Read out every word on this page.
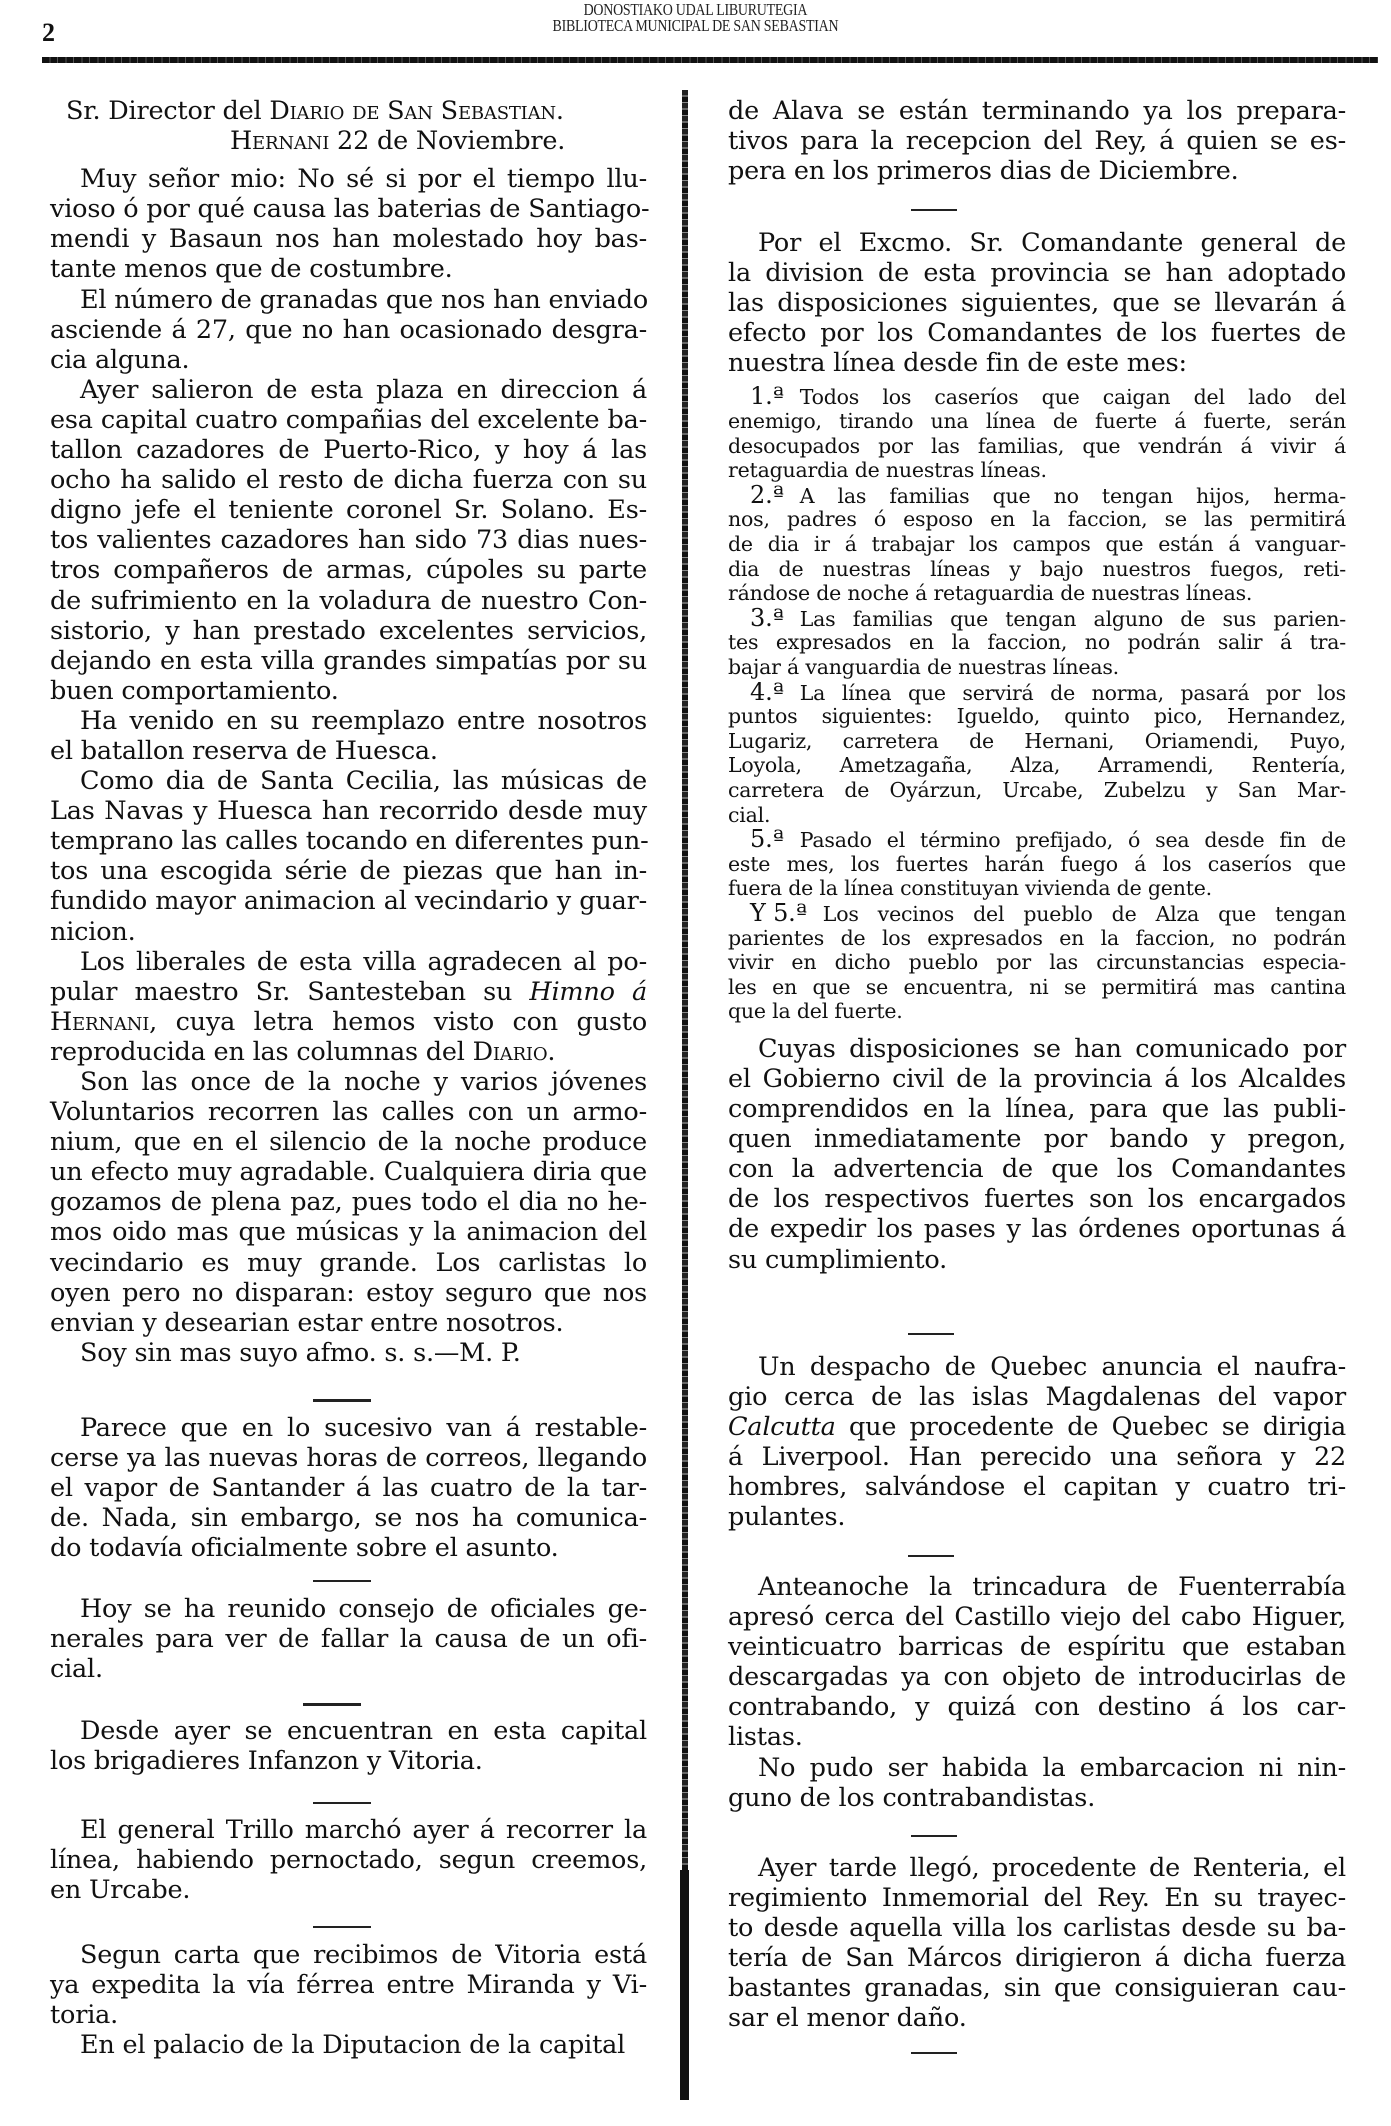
2
DONOSTIAKO UDAL LIBURUTEGIA
BIBLIOTECA MUNICIPAL DE SAN SEBASTIAN
Sr. Director del Diario de San Sebastian.
Hernani 22 de Noviembre.
Muy señor mio: No sé si por el tiempo llu-
vioso ó por qué causa las baterias de Santiago-
mendi y Basaun nos han molestado hoy bas-
tante menos que de costumbre.
El número de granadas que nos han enviado
asciende á 27, que no han ocasionado desgra-
cia alguna.
Ayer salieron de esta plaza en direccion á
esa capital cuatro compañias del excelente ba-
tallon cazadores de Puerto-Rico, y hoy á las
ocho ha salido el resto de dicha fuerza con su
digno jefe el teniente coronel Sr. Solano. Es-
tos valientes cazadores han sido 73 dias nues-
tros compañeros de armas, cúpoles su parte
de sufrimiento en la voladura de nuestro Con-
sistorio, y han prestado excelentes servicios,
dejando en esta villa grandes simpatías por su
buen comportamiento.
Ha venido en su reemplazo entre nosotros
el batallon reserva de Huesca.
Como dia de Santa Cecilia, las músicas de
Las Navas y Huesca han recorrido desde muy
temprano las calles tocando en diferentes pun-
tos una escogida série de piezas que han in-
fundido mayor animacion al vecindario y guar-
nicion.
Los liberales de esta villa agradecen al po-
pular maestro Sr. Santesteban su Himno á
Hernani, cuya letra hemos visto con gusto
reproducida en las columnas del Diario.
Son las once de la noche y varios jóvenes
Voluntarios recorren las calles con un armo-
nium, que en el silencio de la noche produce
un efecto muy agradable. Cualquiera diria que
gozamos de plena paz, pues todo el dia no he-
mos oido mas que músicas y la animacion del
vecindario es muy grande. Los carlistas lo
oyen pero no disparan: estoy seguro que nos
envian y desearian estar entre nosotros.
Soy sin mas suyo afmo. s. s.—M. P.
Parece que en lo sucesivo van á restable-
cerse ya las nuevas horas de correos, llegando
el vapor de Santander á las cuatro de la tar-
de. Nada, sin embargo, se nos ha comunica-
do todavía oficialmente sobre el asunto.
Hoy se ha reunido consejo de oficiales ge-
nerales para ver de fallar la causa de un ofi-
cial.
Desde ayer se encuentran en esta capital
los brigadieres Infanzon y Vitoria.
El general Trillo marchó ayer á recorrer la
línea, habiendo pernoctado, segun creemos,
en Urcabe.
Segun carta que recibimos de Vitoria está
ya expedita la vía férrea entre Miranda y Vi-
toria.
En el palacio de la Diputacion de la capital
de Alava se están terminando ya los prepara-
tivos para la recepcion del Rey, á quien se es-
pera en los primeros dias de Diciembre.
Por el Excmo. Sr. Comandante general de
la division de esta provincia se han adoptado
las disposiciones siguientes, que se llevarán á
efecto por los Comandantes de los fuertes de
nuestra línea desde fin de este mes:
1.ª Todos los caseríos que caigan del lado del
enemigo, tirando una línea de fuerte á fuerte, serán
desocupados por las familias, que vendrán á vivir á
retaguardia de nuestras líneas.
2.ª A las familias que no tengan hijos, herma-
nos, padres ó esposo en la faccion, se las permitirá
de dia ir á trabajar los campos que están á vanguar-
dia de nuestras líneas y bajo nuestros fuegos, reti-
rándose de noche á retaguardia de nuestras líneas.
3.ª Las familias que tengan alguno de sus parien-
tes expresados en la faccion, no podrán salir á tra-
bajar á vanguardia de nuestras líneas.
4.ª La línea que servirá de norma, pasará por los
puntos siguientes: Igueldo, quinto pico, Hernandez,
Lugariz, carretera de Hernani, Oriamendi, Puyo,
Loyola, Ametzagaña, Alza, Arramendi, Rentería,
carretera de Oyárzun, Urcabe, Zubelzu y San Mar-
cial.
5.ª Pasado el término prefijado, ó sea desde fin de
este mes, los fuertes harán fuego á los caseríos que
fuera de la línea constituyan vivienda de gente.
Y 5.ª Los vecinos del pueblo de Alza que tengan
parientes de los expresados en la faccion, no podrán
vivir en dicho pueblo por las circunstancias especia-
les en que se encuentra, ni se permitirá mas cantina
que la del fuerte.
Cuyas disposiciones se han comunicado por
el Gobierno civil de la provincia á los Alcaldes
comprendidos en la línea, para que las publi-
quen inmediatamente por bando y pregon,
con la advertencia de que los Comandantes
de los respectivos fuertes son los encargados
de expedir los pases y las órdenes oportunas á
su cumplimiento.
Un despacho de Quebec anuncia el naufra-
gio cerca de las islas Magdalenas del vapor
Calcutta que procedente de Quebec se dirigia
á Liverpool. Han perecido una señora y 22
hombres, salvándose el capitan y cuatro tri-
pulantes.
Anteanoche la trincadura de Fuenterrabía
apresó cerca del Castillo viejo del cabo Higuer,
veinticuatro barricas de espíritu que estaban
descargadas ya con objeto de introducirlas de
contrabando, y quizá con destino á los car-
listas.
No pudo ser habida la embarcacion ni nin-
guno de los contrabandistas.
Ayer tarde llegó, procedente de Renteria, el
regimiento Inmemorial del Rey. En su trayec-
to desde aquella villa los carlistas desde su ba-
tería de San Márcos dirigieron á dicha fuerza
bastantes granadas, sin que consiguieran cau-
sar el menor daño.
